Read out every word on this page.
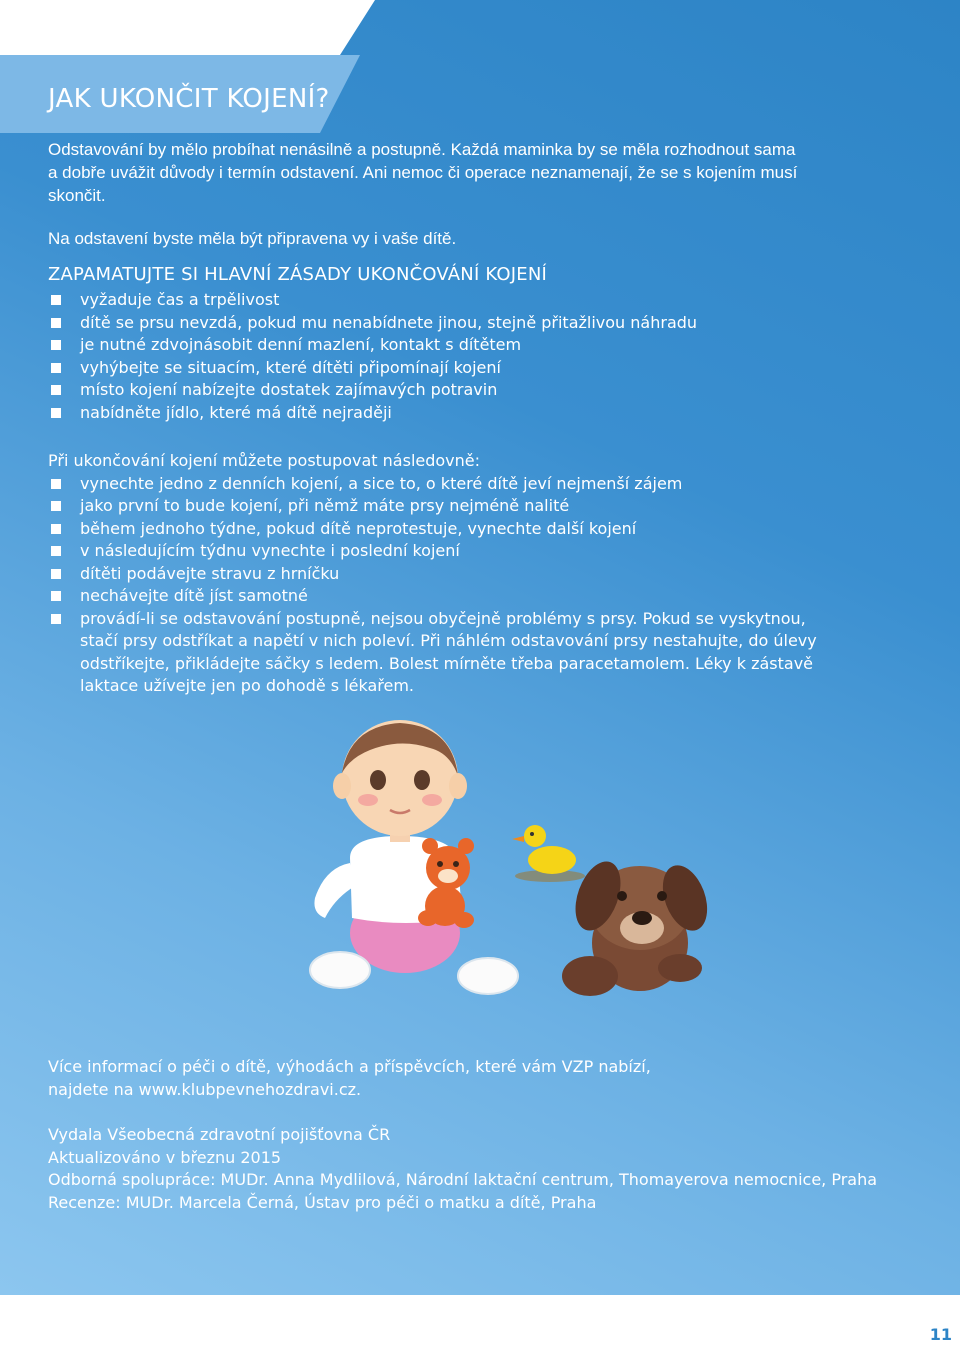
JAK UKONČIT KOJENÍ?
Odstavování by mělo probíhat nenásilně a postupně. Každá maminka by se měla rozhodnout sama
a dobře uvážit důvody i termín odstavení. Ani nemoc či operace neznamenají, že se s kojením musí
skončit.
Na odstavení byste měla být připravena vy i vaše dítě.
ZAPAMATUJTE SI HLAVNÍ ZÁSADY UKONČOVÁNÍ KOJENÍ
vyžaduje čas a trpělivost
dítě se prsu nevzdá, pokud mu nenabídnete jinou, stejně přitažlivou náhradu
je nutné zdvojnásobit denní mazlení, kontakt s dítětem
vyhýbejte se situacím, které dítěti připomínají kojení
místo kojení nabízejte dostatek zajímavých potravin
nabídněte jídlo, které má dítě nejraději
Při ukončování kojení můžete postupovat následovně:
vynechte jedno z denních kojení, a sice to, o které dítě jeví nejmenší zájem
jako první to bude kojení, při němž máte prsy nejméně nalité
během jednoho týdne, pokud dítě neprotestuje, vynechte další kojení
v následujícím týdnu vynechte i poslední kojení
dítěti podávejte stravu z hrníčku
nechávejte dítě jíst samotné
provádí-li se odstavování postupně, nejsou obyčejně problémy s prsy. Pokud se vyskytnou,
stačí prsy odstříkat a napětí v nich poleví. Při náhlém odstavování prsy nestahujte, do úlevy
odstříkejte, přikládejte sáčky s ledem. Bolest mírněte třeba paracetamolem. Léky k zástavě
laktace užívejte jen po dohodě s lékařem.

Více informací o péči o dítě, výhodách a příspěvcích, které vám VZP nabízí,

najdete na www.klubpevnehozdravi.cz.

Vydala Všeobecná zdravotní pojišťovna ČR

Aktualizováno v březnu 2015

Odborná spolupráce: MUDr. Anna Mydlilová, Národní laktační centrum, Thomayerova nemocnice, Praha

Recenze: MUDr. Marcela Černá, Ústav pro péči o matku a dítě, Praha

11
